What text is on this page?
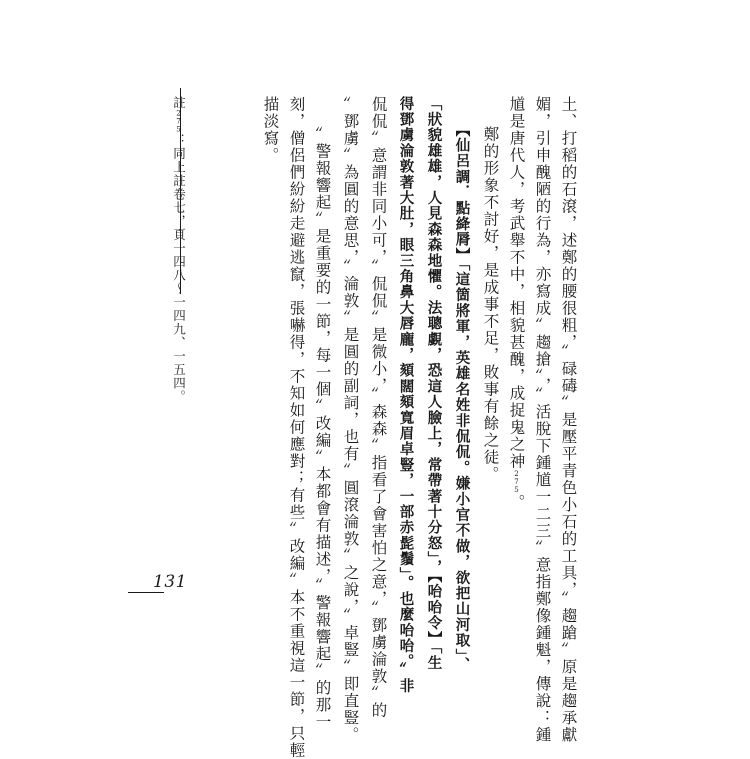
土、打稻的石滾，述鄭的腰很粗，〞碌碡〞是壓平青色小石的工具，〞趨蹌〞原是趨承獻
媚，引申醜陋的行為，亦寫成〞趨搶〞，〞活脫下鍾馗一二三〞意指鄭像鍾魁，傳說：鍾
馗是唐代人，考武舉不中，相貌甚醜，成捉鬼之神275。
鄭的形象不討好，是成事不足，敗事有餘之徒。
【仙呂調．點絳脣】「這箇將軍，英雄名姓非侃侃。嫌小官不做，欲把山河取」、
「狀貌雄雄，人見森森地懼。法聰覷，恐這人臉上，常帶著十分怒」，【咍咍令】「生
得鄧虜淪敦著大肚，眼三角鼻大唇龐，頦闊頦寬眉卓豎，一部赤髭鬚」。也麼咍咍。〞非
侃侃〞意謂非同小可，〞侃侃〞是微小，〞森森〞指看了會害怕之意，〞鄧虜淪敦〞的
〞鄧虜〞為圓的意思，〞淪敦〞是圓的副詞，也有〞圓滾淪敦〞之說，〞卓豎〞即直豎。
〞警報響起〞是重要的一節，每一個〞改編〞本都會有描述，〞警報響起〞的那一
刻，僧侶們紛紛走避逃竄，張嚇得，不知如何應對；有些〞改編〞本不重視這一節，只輕
描淡寫。
註275：同上註卷七，頁一四八～一四九、一五四。
131
